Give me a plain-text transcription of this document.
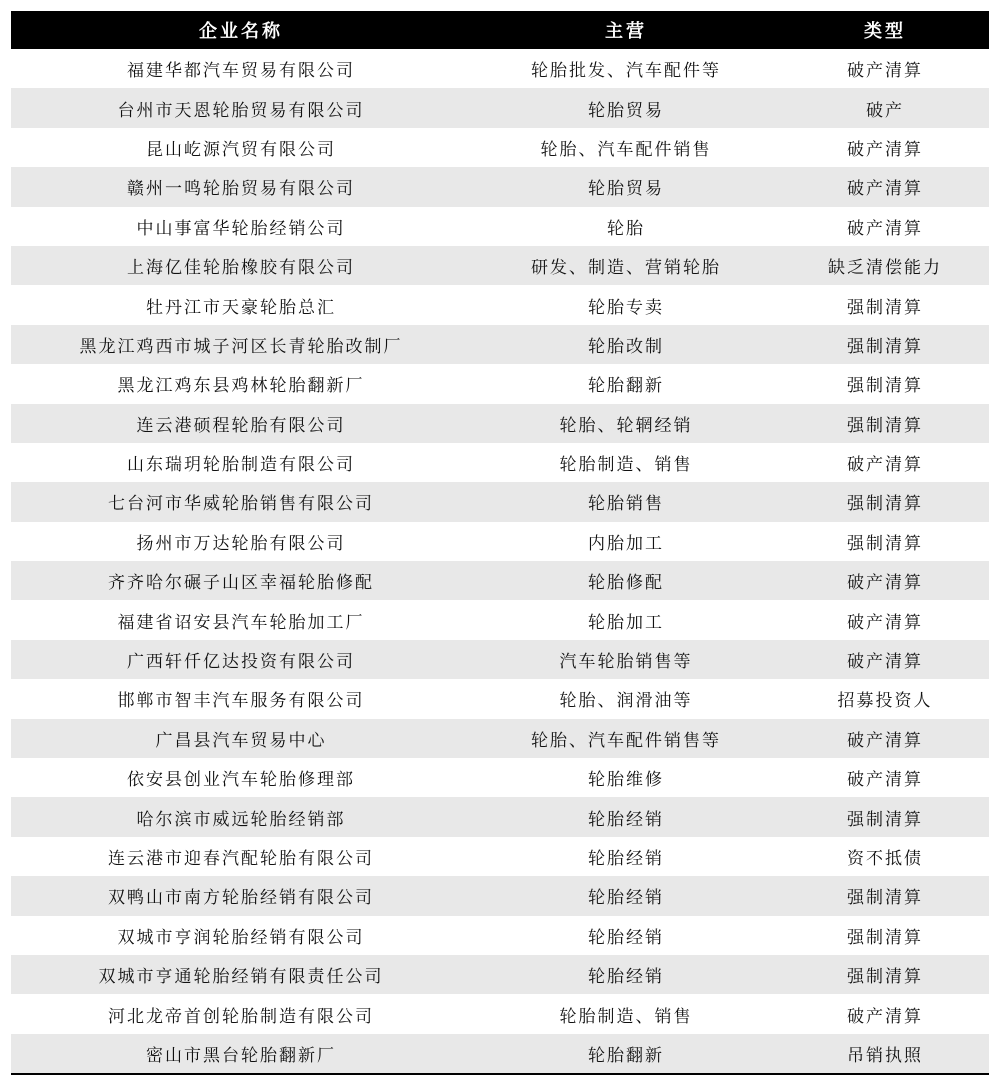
企业名称	主营	类型
福建华都汽车贸易有限公司	轮胎批发、汽车配件等	破产清算
台州市天恩轮胎贸易有限公司	轮胎贸易	破产
昆山屹源汽贸有限公司	轮胎、汽车配件销售	破产清算
赣州一鸣轮胎贸易有限公司	轮胎贸易	破产清算
中山事富华轮胎经销公司	轮胎	破产清算
上海亿佳轮胎橡胶有限公司	研发、制造、营销轮胎	缺乏清偿能力
牡丹江市天豪轮胎总汇	轮胎专卖	强制清算
黑龙江鸡西市城子河区长青轮胎改制厂	轮胎改制	强制清算
黑龙江鸡东县鸡林轮胎翻新厂	轮胎翻新	强制清算
连云港硕程轮胎有限公司	轮胎、轮辋经销	强制清算
山东瑞玥轮胎制造有限公司	轮胎制造、销售	破产清算
七台河市华威轮胎销售有限公司	轮胎销售	强制清算
扬州市万达轮胎有限公司	内胎加工	强制清算
齐齐哈尔碾子山区幸福轮胎修配	轮胎修配	破产清算
福建省诏安县汽车轮胎加工厂	轮胎加工	破产清算
广西轩仟亿达投资有限公司	汽车轮胎销售等	破产清算
邯郸市智丰汽车服务有限公司	轮胎、润滑油等	招募投资人
广昌县汽车贸易中心	轮胎、汽车配件销售等	破产清算
依安县创业汽车轮胎修理部	轮胎维修	破产清算
哈尔滨市威远轮胎经销部	轮胎经销	强制清算
连云港市迎春汽配轮胎有限公司	轮胎经销	资不抵债
双鸭山市南方轮胎经销有限公司	轮胎经销	强制清算
双城市亨润轮胎经销有限公司	轮胎经销	强制清算
双城市亨通轮胎经销有限责任公司	轮胎经销	强制清算
河北龙帝首创轮胎制造有限公司	轮胎制造、销售	破产清算
密山市黑台轮胎翻新厂	轮胎翻新	吊销执照
